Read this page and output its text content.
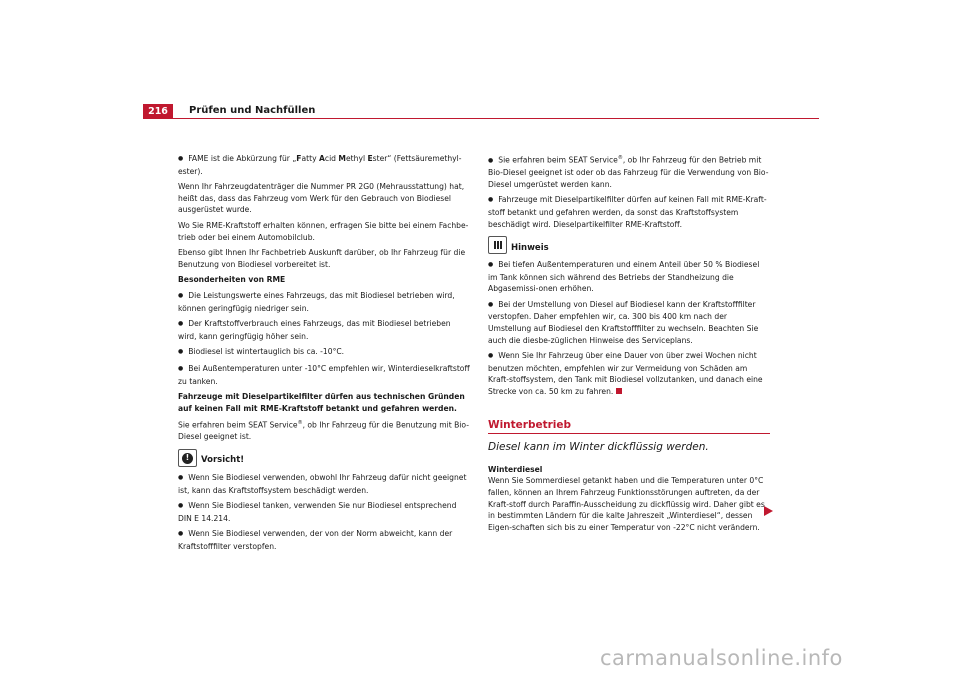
216	Prüfen und Nachfüllen

● FAME ist die Abkürzung für „Fatty Acid Methyl Ester“ (Fettsäuremethyl-ester).

Wenn Ihr Fahrzeugdatenträger die Nummer PR 2G0 (Mehrausstattung) hat, heißt das, dass das Fahrzeug vom Werk für den Gebrauch von Biodiesel ausgerüstet wurde.

Wo Sie RME-Kraftstoff erhalten können, erfragen Sie bitte bei einem Fachbe-trieb oder bei einem Automobilclub.

Ebenso gibt Ihnen Ihr Fachbetrieb Auskunft darüber, ob Ihr Fahrzeug für die Benutzung von Biodiesel vorbereitet ist.

Besonderheiten von RME

● Die Leistungswerte eines Fahrzeugs, das mit Biodiesel betrieben wird, können geringfügig niedriger sein.

● Der Kraftstoffverbrauch eines Fahrzeugs, das mit Biodiesel betrieben wird, kann geringfügig höher sein.

● Biodiesel ist wintertauglich bis ca. -10°C.

● Bei Außentemperaturen unter -10°C empfehlen wir, Winterdieselkraftstoff zu tanken.

Fahrzeuge mit Dieselpartikelfilter dürfen aus technischen Gründen auf keinen Fall mit RME-Kraftstoff betankt und gefahren werden.

Sie erfahren beim SEAT Service®, ob Ihr Fahrzeug für die Benutzung mit Bio-Diesel geeignet ist.

!	Vorsicht!

● Wenn Sie Biodiesel verwenden, obwohl Ihr Fahrzeug dafür nicht geeignet ist, kann das Kraftstoffsystem beschädigt werden.

● Wenn Sie Biodiesel tanken, verwenden Sie nur Biodiesel entsprechend DIN E 14.214.

● Wenn Sie Biodiesel verwenden, der von der Norm abweicht, kann der Kraftstofffilter verstopfen.

● Sie erfahren beim SEAT Service®, ob Ihr Fahrzeug für den Betrieb mit Bio-Diesel geeignet ist oder ob das Fahrzeug für die Verwendung von Bio-Diesel umgerüstet werden kann.

● Fahrzeuge mit Dieselpartikelfilter dürfen auf keinen Fall mit RME-Kraft-stoff betankt und gefahren werden, da sonst das Kraftstoffsystem beschädigt wird. Dieselpartikelfilter RME-Kraftstoff.

Hinweis

● Bei tiefen Außentemperaturen und einem Anteil über 50 % Biodiesel im Tank können sich während des Betriebs der Standheizung die Abgasemissi-onen erhöhen.

● Bei der Umstellung von Diesel auf Biodiesel kann der Kraftstofffilter verstopfen. Daher empfehlen wir, ca. 300 bis 400 km nach der Umstellung auf Biodiesel den Kraftstofffilter zu wechseln. Beachten Sie auch die diesbe-züglichen Hinweise des Serviceplans.

● Wenn Sie Ihr Fahrzeug über eine Dauer von über zwei Wochen nicht benutzen möchten, empfehlen wir zur Vermeidung von Schäden am Kraft-stoffsystem, den Tank mit Biodiesel vollzutanken, und danach eine Strecke von ca. 50 km zu fahren.

Winterbetrieb
Diesel kann im Winter dickflüssig werden.

Winterdiesel

Wenn Sie Sommerdiesel getankt haben und die Temperaturen unter 0°C fallen, können an Ihrem Fahrzeug Funktionsstörungen auftreten, da der Kraft-stoff durch Paraffin-Ausscheidung zu dickflüssig wird. Daher gibt es in bestimmten Ländern für die kalte Jahreszeit „Winterdiesel“, dessen Eigen-schaften sich bis zu einer Temperatur von -22°C nicht verändern.

carmanualsonline.info
